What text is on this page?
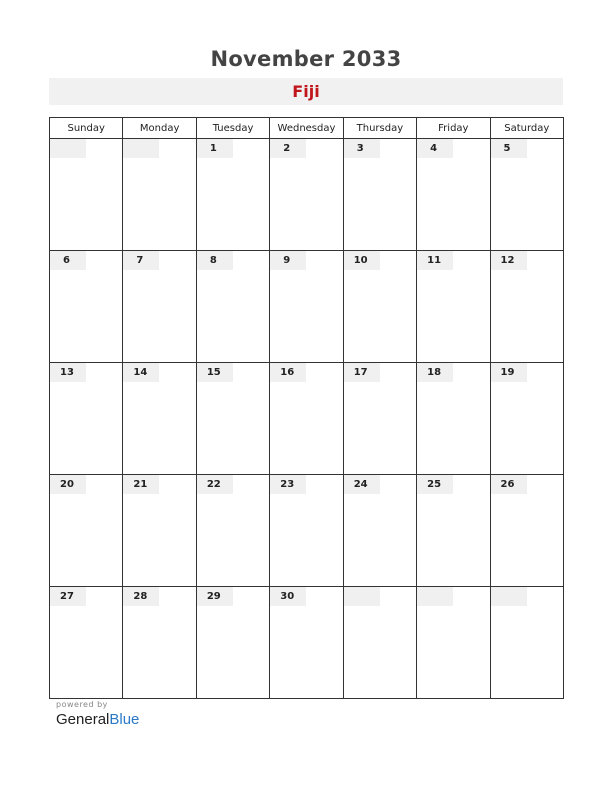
November 2033
Fiji
Sunday	Monday	Tuesday	Wednesday	Thursday	Friday	Saturday

		1	2	3	4	5

6	7	8	9	10	11	12

13	14	15	16	17	18	19

20	21	22	23	24	25	26

27	28	29	30			

powered by
GeneralBlue
